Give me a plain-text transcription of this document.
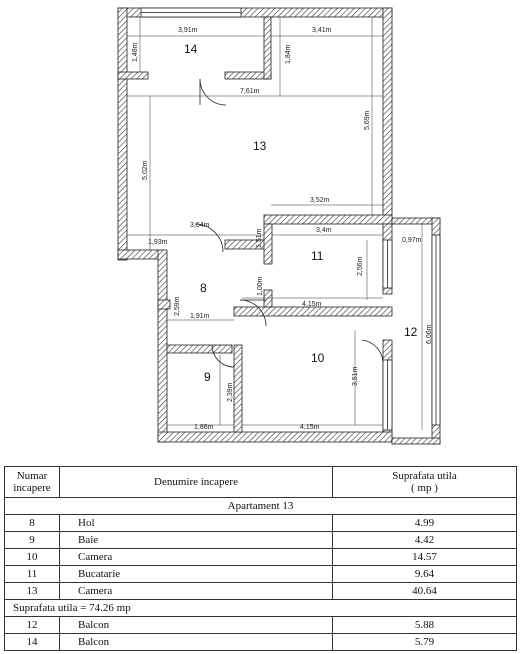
14
13
8
11
12
10
9
3,91m	3,41m
1,48m	1,84m
7,61m
5,69m
5,02m
3,52m
3,64m
1,93m	1,51m	3,4m
0,97m
2,56m
1,00m
4,15m
2,59m
1,91m
6,06m
3,51m
2,39m
1,86m	4,15m
Numar
incapere	Denumire incapere	Suprafata utila
( mp )
Apartament 13		
8	Hol	4.99
9	Baie	4.42
10	Camera	14.57
11	Bucatarie	9.64
13	Camera	40.64
Suprafata utila = 74.26 mp		
12	Balcon	5.88
14	Balcon	5.79
